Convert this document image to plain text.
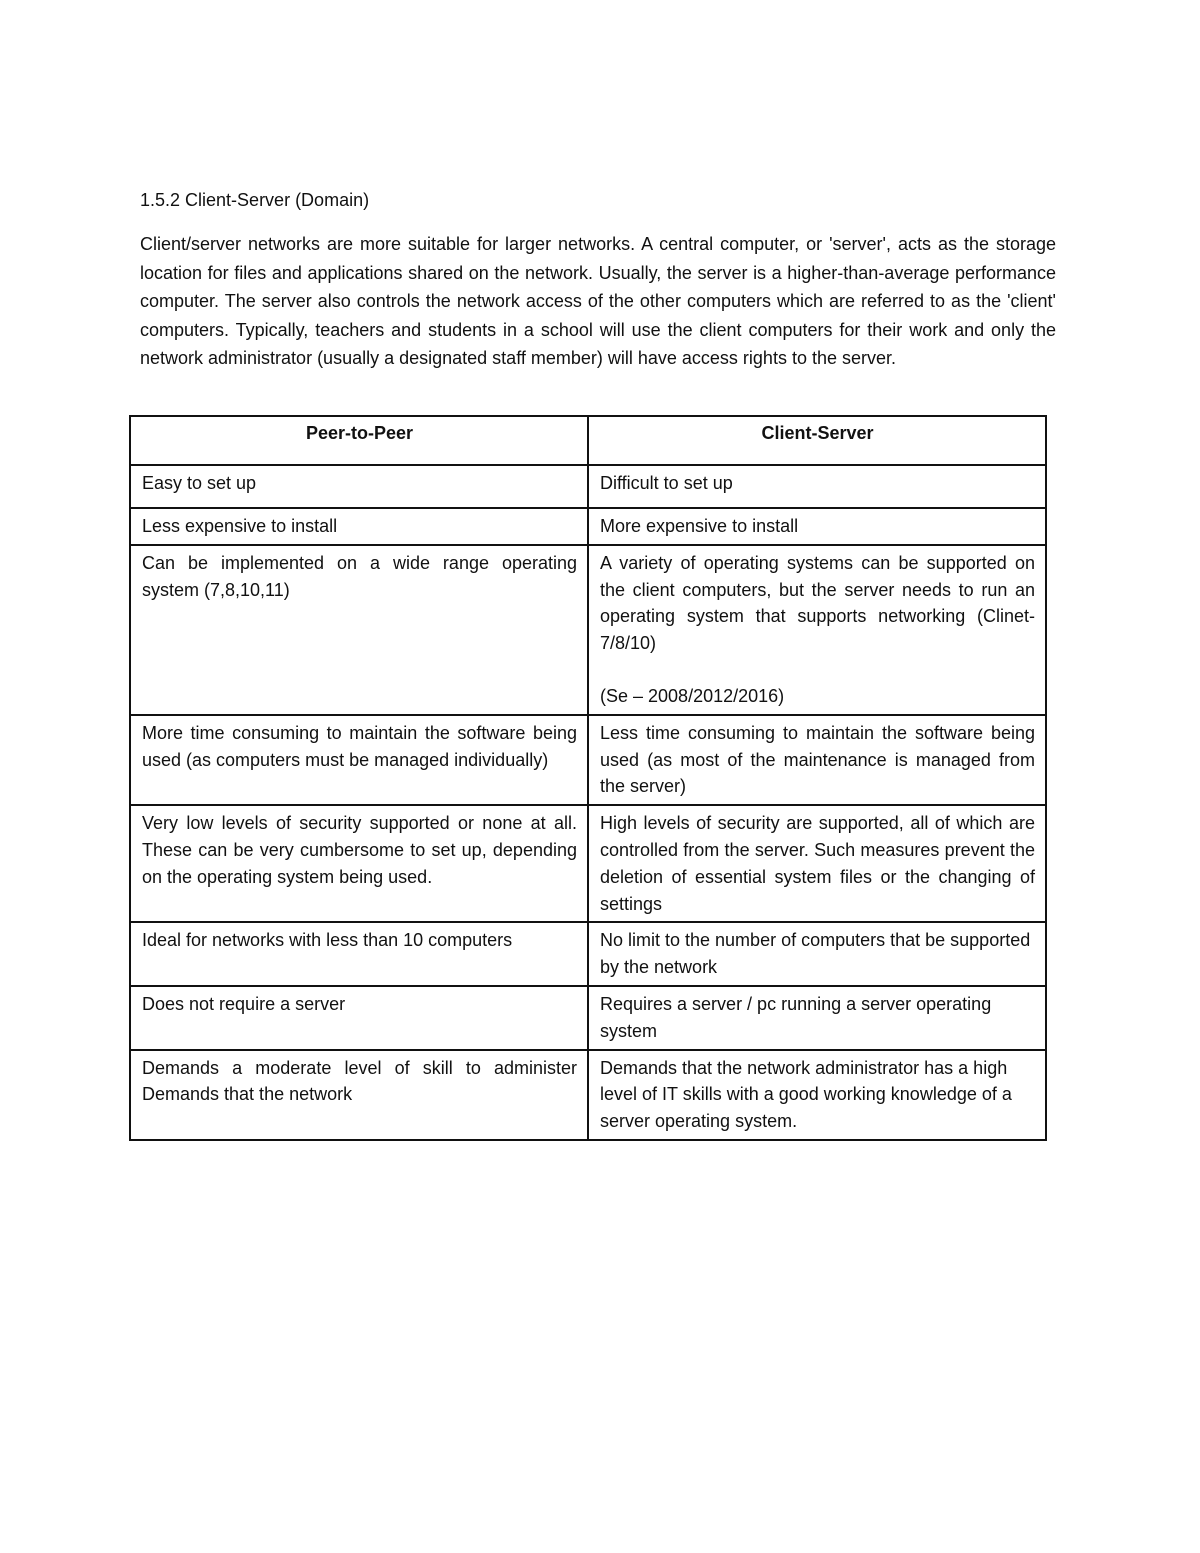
1.5.2 Client-Server (Domain)

Client/server networks are more suitable for larger networks. A central computer, or 'server', acts as the storage location for files and applications shared on the network. Usually, the server is a higher-than-average performance computer. The server also controls the network access of the other computers which are referred to as the 'client' computers. Typically, teachers and students in a school will use the client computers for their work and only the network administrator (usually a designated staff member) will have access rights to the server.

Peer-to-Peer	Client-Server
Easy to set up	Difficult to set up
Less expensive to install	More expensive to install
Can be implemented on a wide range operating system (7,8,10,11)	A variety of operating systems can be supported on the client computers, but the server needs to run an operating system that supports networking (Clinet-7/8/10)
(Se – 2008/2012/2016)
More time consuming to maintain the software being used (as computers must be managed individually)	Less time consuming to maintain the software being used (as most of the maintenance is managed from the server)
Very low levels of security supported or none at all. These can be very cumbersome to set up, depending on the operating system being used.	High levels of security are supported, all of which are controlled from the server. Such measures prevent the deletion of essential system files or the changing of settings
Ideal for networks with less than 10 computers	No limit to the number of computers that be supported by the network
Does not require a server	Requires a server / pc running a server operating system
Demands a moderate level of skill to administer Demands that the network	Demands that the network administrator has a high level of IT skills with a good working knowledge of a server operating system.
